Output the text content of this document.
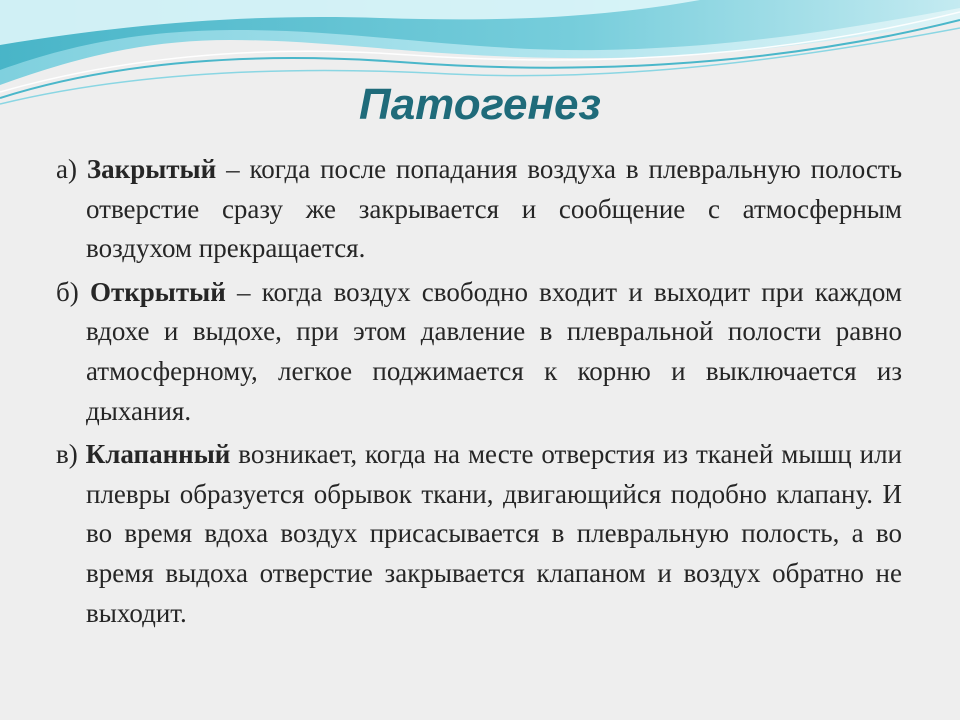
Патогенез

а) Закрытый – когда после попадания воздуха в плевральную полость отверстие сразу же закрывается и сообщение с атмосферным воздухом прекращается.

б) Открытый – когда воздух свободно входит и выходит при каждом вдохе и выдохе, при этом давление в плевральной полости равно атмосферному, легкое поджимается к корню и выключается из дыхания.

в) Клапанный возникает, когда на месте отверстия из тканей мышц или плевры образуется обрывок ткани, двигающийся подобно клапану. И во время вдоха воздух присасывается в плевральную полость, а во время выдоха отверстие закрывается клапаном и воздух обратно не выходит.
